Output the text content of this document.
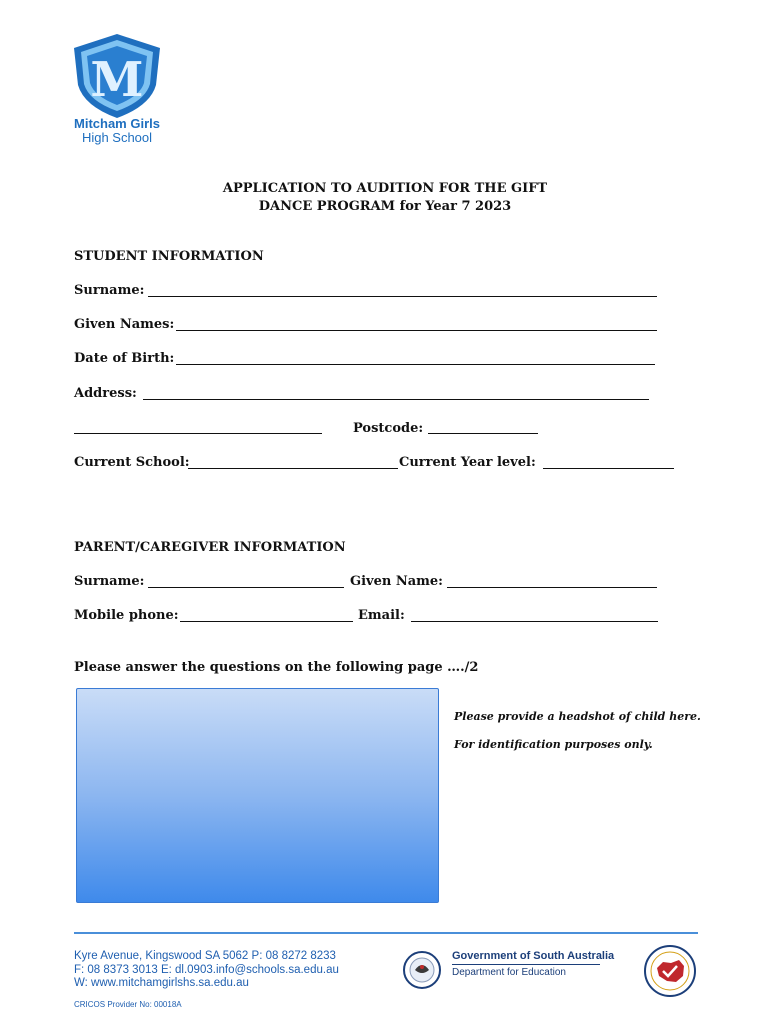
M
Mitcham Girls
High School
APPLICATION TO AUDITION FOR THE GIFT
DANCE PROGRAM for Year 7 2023
STUDENT INFORMATION
Surname:
Given Names:
Date of Birth:
Address:
Postcode:
Current School:	Current Year level:
PARENT/CAREGIVER INFORMATION
Surname:	Given Name:
Mobile phone:	Email:
Please answer the questions on the following page …./2
Please provide a headshot of child here.
For identification purposes only.
Kyre Avenue, Kingswood SA 5062 P: 08 8272 8233
F: 08 8373 3013 E: dl.0903.info@schools.sa.edu.au
W: www.mitchamgirlshs.sa.edu.au
CRICOS Provider No: 00018A
Government of South Australia
Department for Education
